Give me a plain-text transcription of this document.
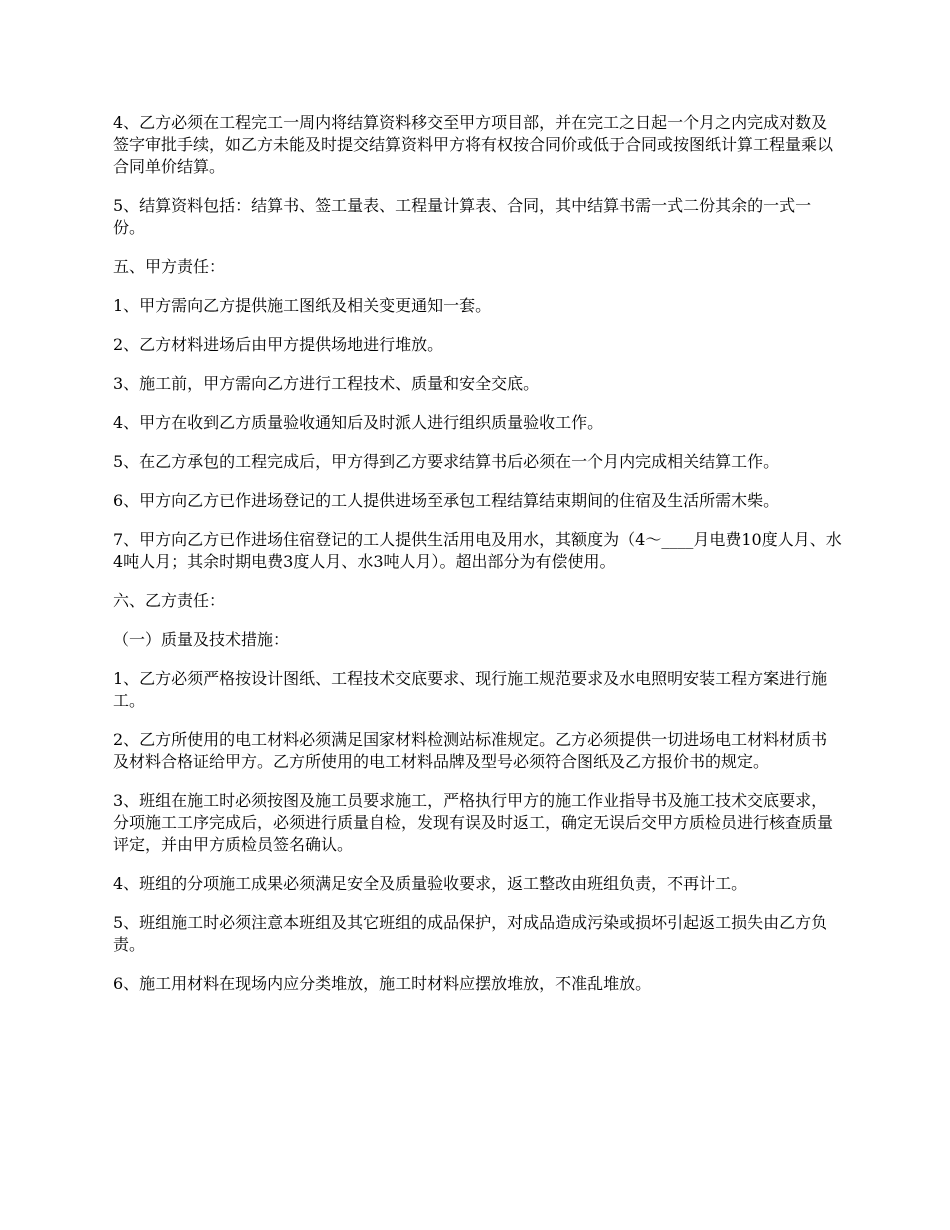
4、乙方必须在工程完工一周内将结算资料移交至甲方项目部，并在完工之日起一个月之内完成对数及签字审批手续，如乙方未能及时提交结算资料甲方将有权按合同价或低于合同或按图纸计算工程量乘以合同单价结算。

5、结算资料包括：结算书、签工量表、工程量计算表、合同，其中结算书需一式二份其余的一式一份。

五、甲方责任：

1、甲方需向乙方提供施工图纸及相关变更通知一套。

2、乙方材料进场后由甲方提供场地进行堆放。

3、施工前，甲方需向乙方进行工程技术、质量和安全交底。

4、甲方在收到乙方质量验收通知后及时派人进行组织质量验收工作。

5、在乙方承包的工程完成后，甲方得到乙方要求结算书后必须在一个月内完成相关结算工作。

6、甲方向乙方已作进场登记的工人提供进场至承包工程结算结束期间的住宿及生活所需木柴。

7、甲方向乙方已作进场住宿登记的工人提供生活用电及用水，其额度为（4～____月电费10度人月、水4吨人月；其余时期电费3度人月、水3吨人月）。超出部分为有偿使用。

六、乙方责任：

（一）质量及技术措施：

1、乙方必须严格按设计图纸、工程技术交底要求、现行施工规范要求及水电照明安装工程方案进行施工。

2、乙方所使用的电工材料必须满足国家材料检测站标准规定。乙方必须提供一切进场电工材料材质书及材料合格证给甲方。乙方所使用的电工材料品牌及型号必须符合图纸及乙方报价书的规定。

3、班组在施工时必须按图及施工员要求施工，严格执行甲方的施工作业指导书及施工技术交底要求，分项施工工序完成后，必须进行质量自检，发现有误及时返工，确定无误后交甲方质检员进行核查质量评定，并由甲方质检员签名确认。

4、班组的分项施工成果必须满足安全及质量验收要求，返工整改由班组负责，不再计工。

5、班组施工时必须注意本班组及其它班组的成品保护，对成品造成污染或损坏引起返工损失由乙方负责。

6、施工用材料在现场内应分类堆放，施工时材料应摆放堆放，不准乱堆放。
